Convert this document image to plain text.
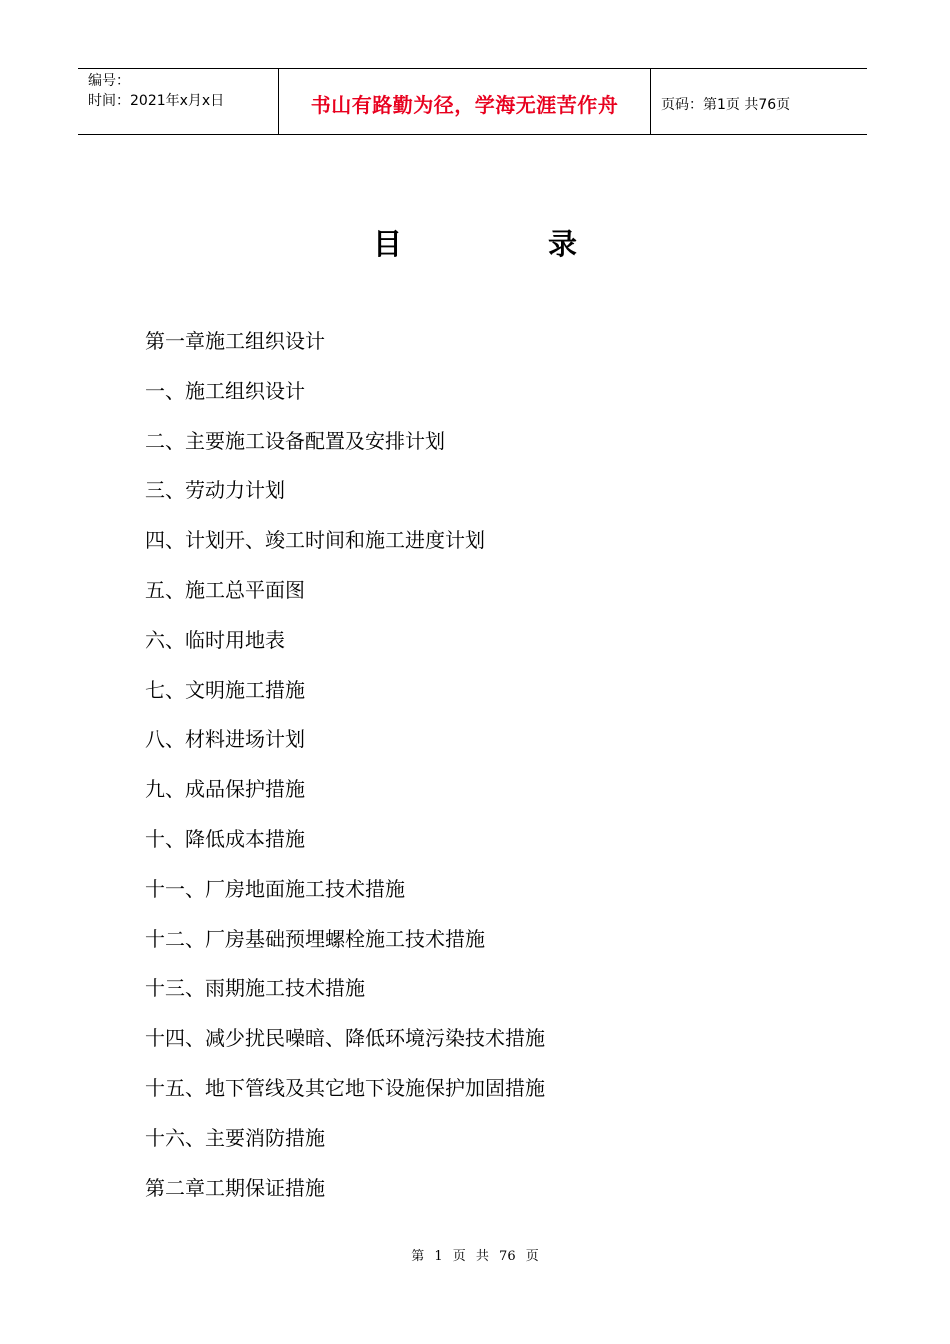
编号：
时间：2021年x月x日	书山有路勤为径，学海无涯苦作舟	页码：第1页 共76页
目	录
第一章施工组织设计
一、施工组织设计
二、主要施工设备配置及安排计划
三、劳动力计划
四、计划开、竣工时间和施工进度计划
五、施工总平面图
六、临时用地表
七、文明施工措施
八、材料进场计划
九、成品保护措施
十、降低成本措施
十一、厂房地面施工技术措施
十二、厂房基础预埋螺栓施工技术措施
十三、雨期施工技术措施
十四、减少扰民噪暗、降低环境污染技术措施
十五、地下管线及其它地下设施保护加固措施
十六、主要消防措施
第二章工期保证措施
第 1 页 共 76 页
